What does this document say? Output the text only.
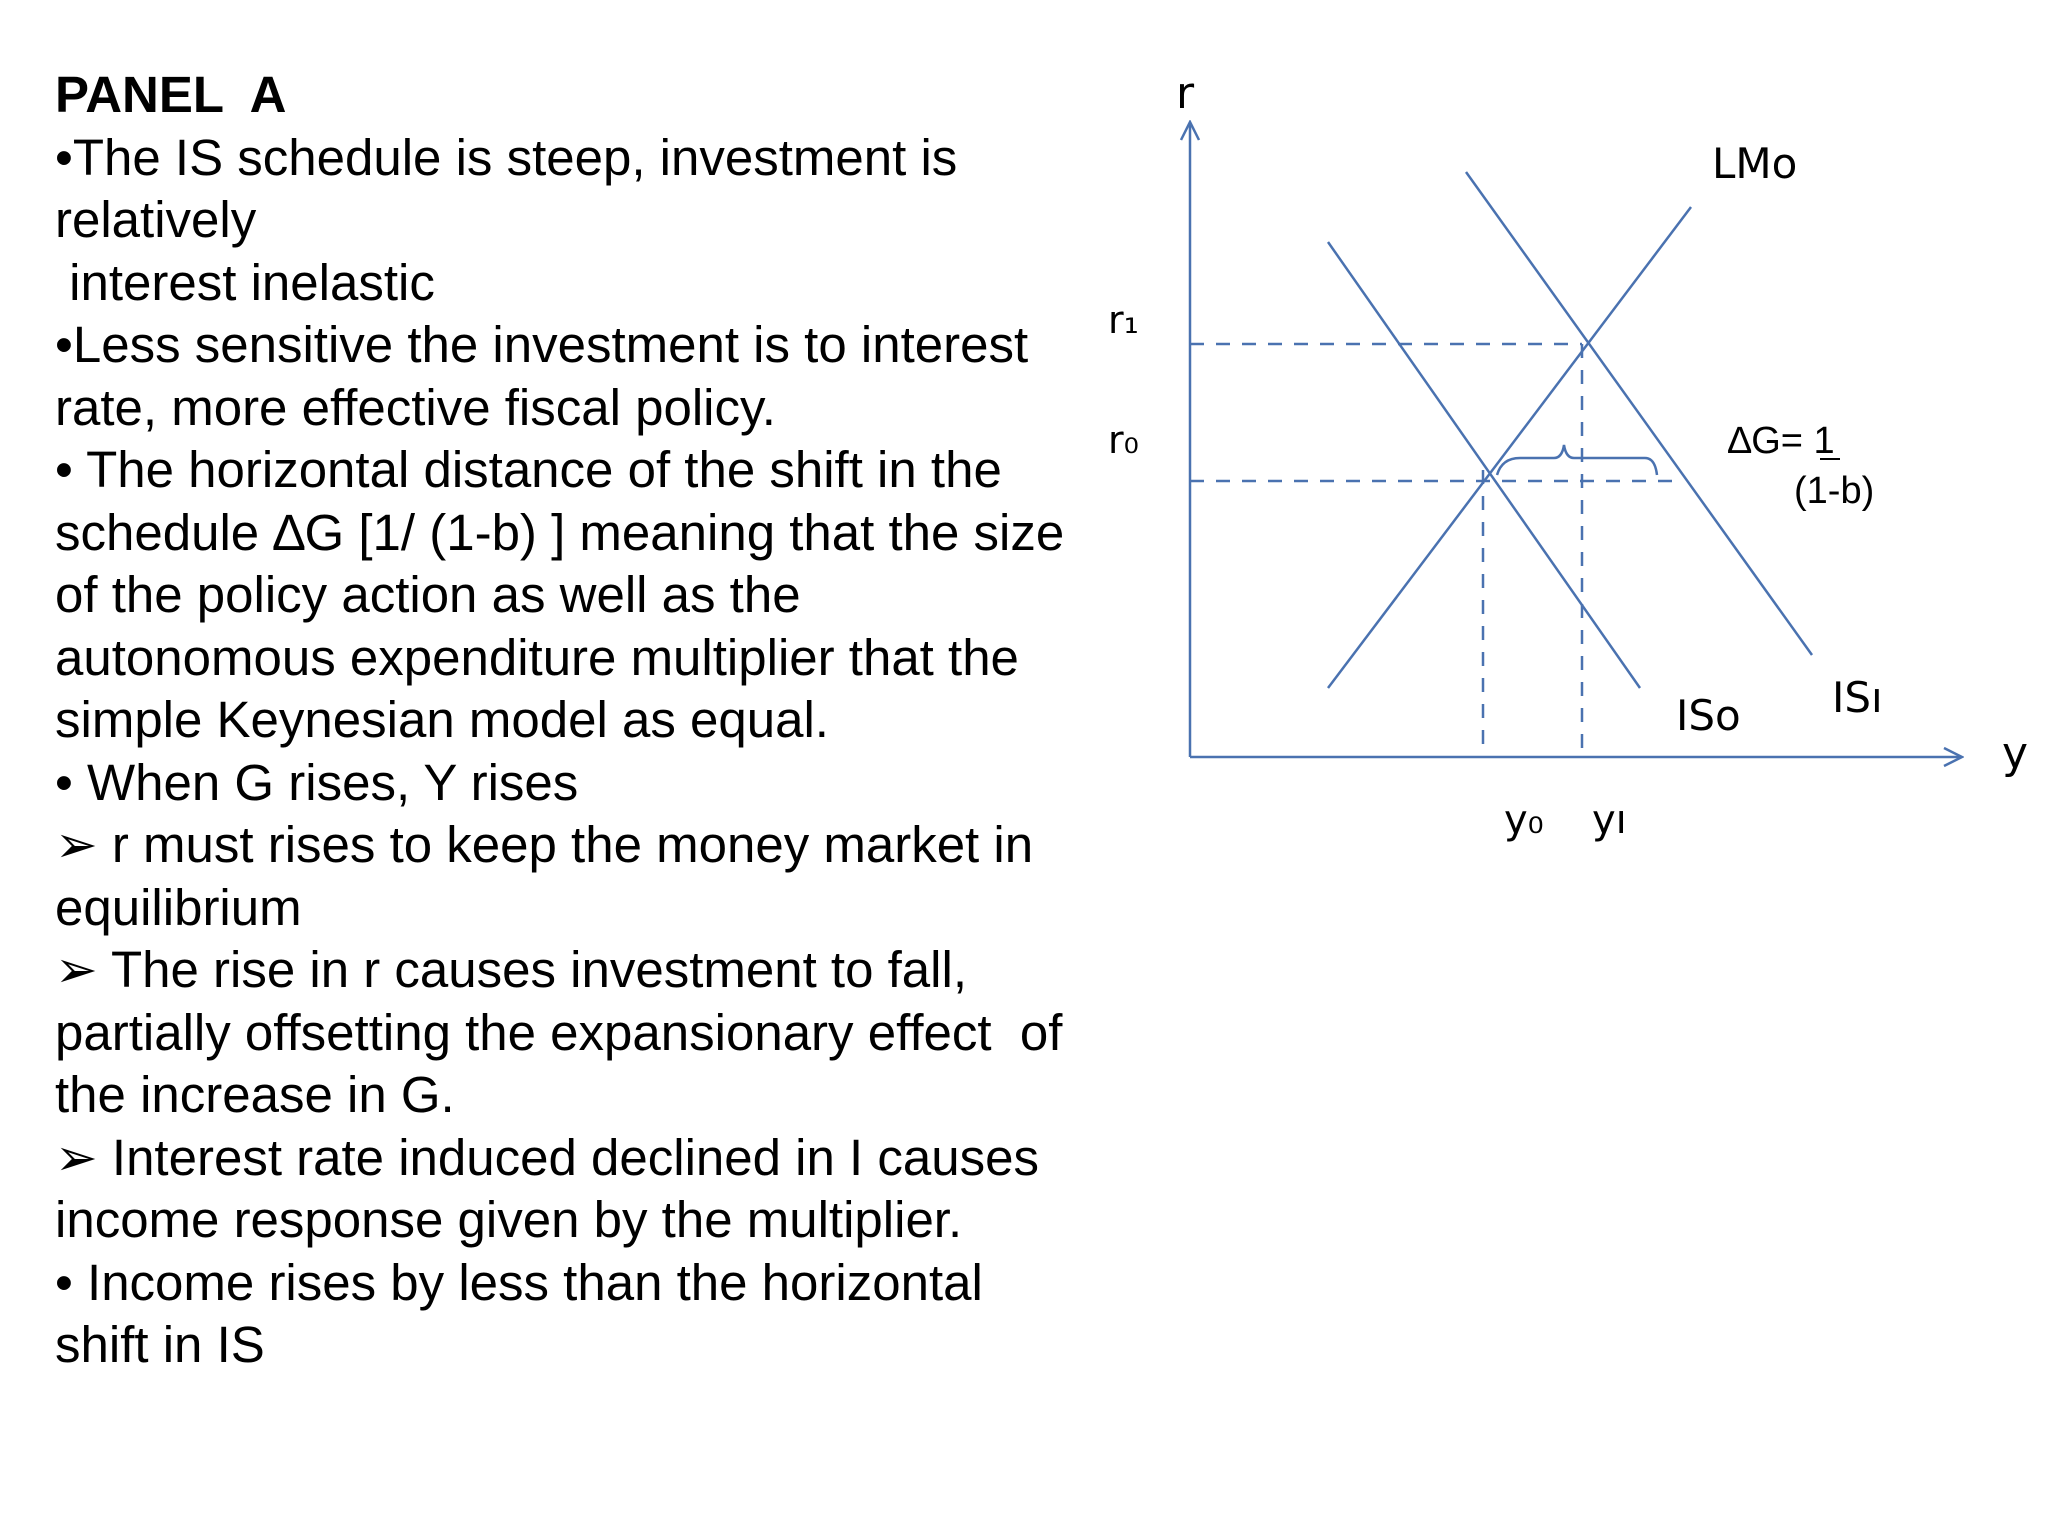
PANEL  A
•The IS schedule is steep, investment is
relatively
interest inelastic
•Less sensitive the investment is to interest
rate, more effective fiscal policy.
• The horizontal distance of the shift in the
schedule ∆G [1/ (1-b) ] meaning that the size
of the policy action as well as the
autonomous expenditure multiplier that the
simple Keynesian model as equal.
• When G rises, Y rises
➢ r must rises to keep the money market in
equilibrium
➢ The rise in r causes investment to fall,
partially offsetting the expansionary effect  of
the increase in G.
➢ Interest rate induced declined in I causes
income response given by the multiplier.
• Income rises by less than the horizontal
shift in IS
r
y
r₁
r₀
y₀ yı
LMo
ISo ISı
∆G= 1
(1-b)
